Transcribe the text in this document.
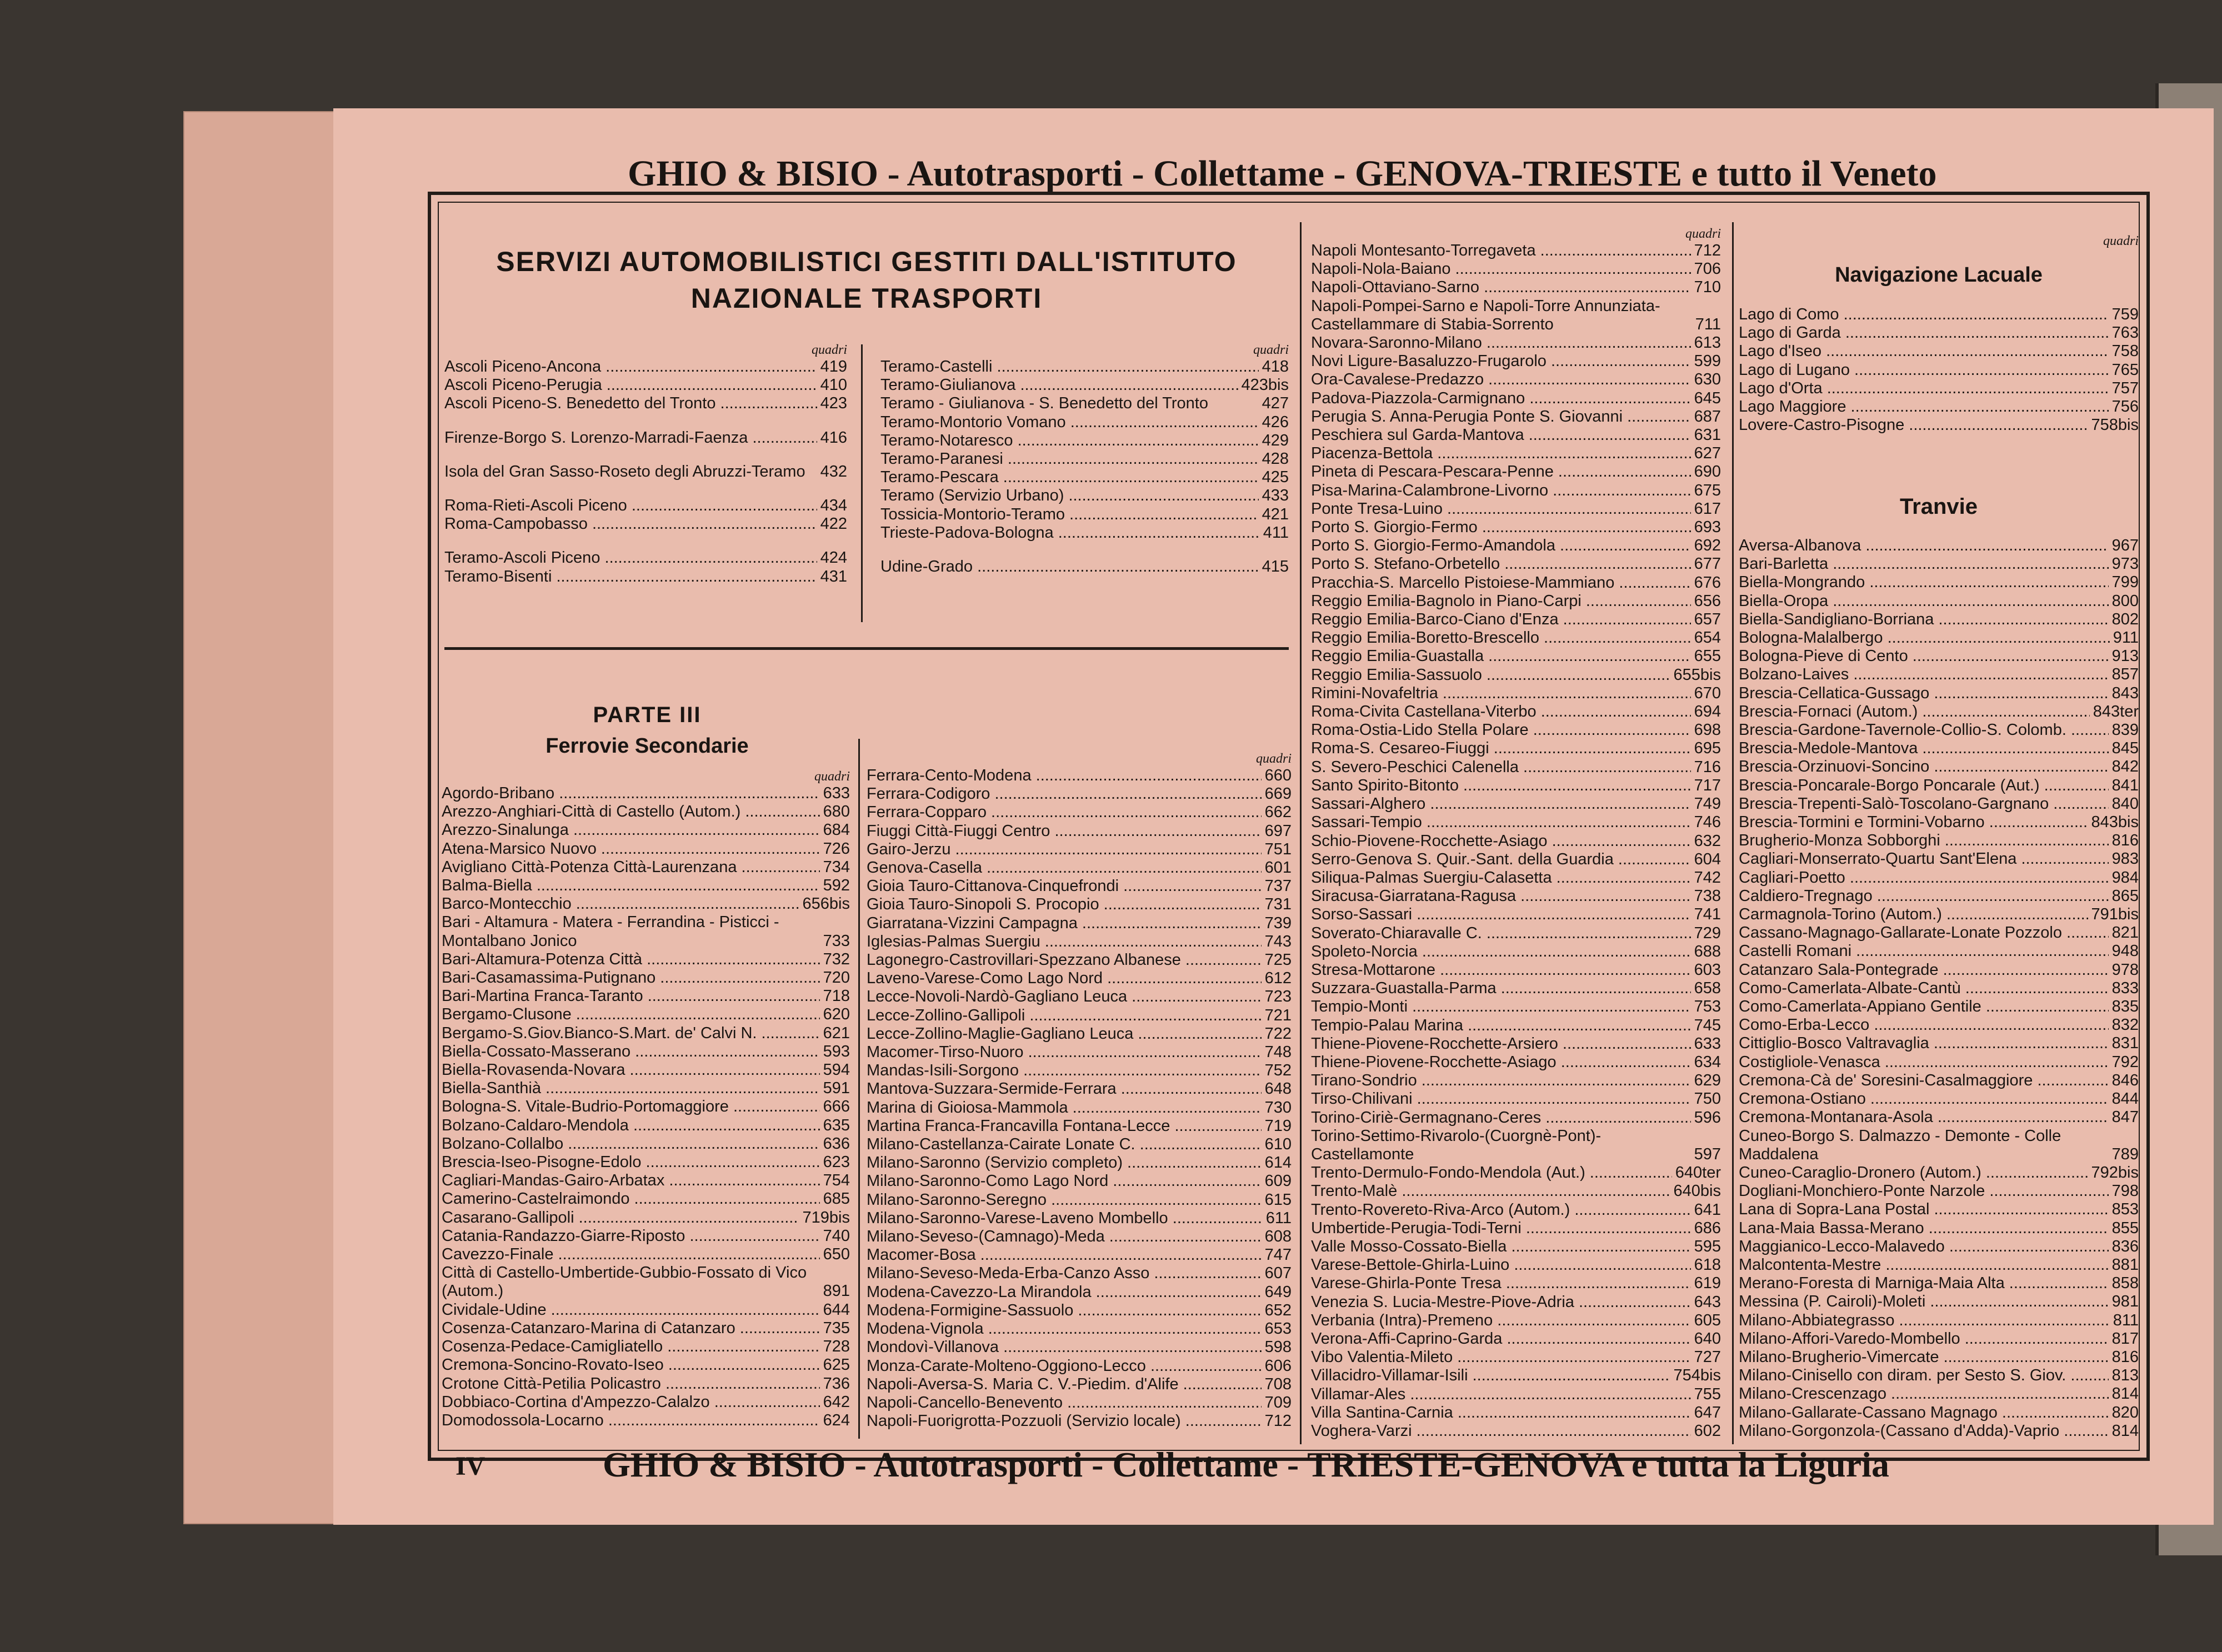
GHIO & BISIO - Autotrasporti - Collettame - GENOVA-TRIESTE e tutto il Veneto
SERVIZI AUTOMOBILISTICI GESTITI DALL'ISTITUTO
NAZIONALE TRASPORTI
quadri
Ascoli Piceno-Ancona .....	419
Ascoli Piceno-Perugia .....	410
Ascoli Piceno-S. Benedetto del Tronto .....	423
Firenze-Borgo S. Lorenzo-Marradi-Faenza .....	416
Isola del Gran Sasso-Roseto degli Abruzzi-Teramo 432
Roma-Rieti-Ascoli Piceno .....	434
Roma-Campobasso .....	422
Teramo-Ascoli Piceno .....	424
Teramo-Bisenti .....	431
quadri
Teramo-Castelli .....	418
Teramo-Giulianova .....	423bis
Teramo - Giulianova - S. Benedetto del Tronto	427
Teramo-Montorio Vomano .....	426
Teramo-Notaresco .....	429
Teramo-Paranesi .....	428
Teramo-Pescara .....	425
Teramo (Servizio Urbano) .....	433
Tossicia-Montorio-Teramo .....	421
Trieste-Padova-Bologna .....	411
Udine-Grado .....	415
PARTE III
Ferrovie Secondarie
quadri
Agordo-Bribano .....	633
Arezzo-Anghiari-Città di Castello (Autom.) .....	680
Arezzo-Sinalunga .....	684
Atena-Marsico Nuovo .....	726
Avigliano Città-Potenza Città-Laurenzana .....	734
Balma-Biella .....	592
Barco-Montecchio .....	656bis
Bari - Altamura - Matera - Ferrandina - Pisticci - Montalbano Jonico	733
Bari-Altamura-Potenza Città .....	732
Bari-Casamassima-Putignano .....	720
Bari-Martina Franca-Taranto .....	718
Bergamo-Clusone .....	620
Bergamo-S.Giov.Bianco-S.Mart. de' Calvi N. .....	621
Biella-Cossato-Masserano .....	593
Biella-Rovasenda-Novara .....	594
Biella-Santhià .....	591
Bologna-S. Vitale-Budrio-Portomaggiore .....	666
Bolzano-Caldaro-Mendola .....	635
Bolzano-Collalbo .....	636
Brescia-Iseo-Pisogne-Edolo .....	623
Cagliari-Mandas-Gairo-Arbatax .....	754
Camerino-Castelraimondo .....	685
Casarano-Gallipoli .....	719bis
Catania-Randazzo-Giarre-Riposto .....	740
Cavezzo-Finale .....	650
Città di Castello-Umbertide-Gubbio-Fossato di Vico (Autom.)	891
Cividale-Udine .....	644
Cosenza-Catanzaro-Marina di Catanzaro .....	735
Cosenza-Pedace-Camigliatello .....	728
Cremona-Soncino-Rovato-Iseo .....	625
Crotone Città-Petilia Policastro .....	736
Dobbiaco-Cortina d'Ampezzo-Calalzo .....	642
Domodossola-Locarno .....	624
quadri
Ferrara-Cento-Modena .....	660
Ferrara-Codigoro .....	669
Ferrara-Copparo .....	662
Fiuggi Città-Fiuggi Centro .....	697
Gairo-Jerzu .....	751
Genova-Casella .....	601
Gioia Tauro-Cittanova-Cinquefrondi .....	737
Gioia Tauro-Sinopoli S. Procopio .....	731
Giarratana-Vizzini Campagna .....	739
Iglesias-Palmas Suergiu .....	743
Lagonegro-Castrovillari-Spezzano Albanese .....	725
Laveno-Varese-Como Lago Nord .....	612
Lecce-Novoli-Nardò-Gagliano Leuca .....	723
Lecce-Zollino-Gallipoli .....	721
Lecce-Zollino-Maglie-Gagliano Leuca .....	722
Macomer-Tirso-Nuoro .....	748
Mandas-Isili-Sorgono .....	752
Mantova-Suzzara-Sermide-Ferrara .....	648
Marina di Gioiosa-Mammola .....	730
Martina Franca-Francavilla Fontana-Lecce .....	719
Milano-Castellanza-Cairate Lonate C. .....	610
Milano-Saronno (Servizio completo) .....	614
Milano-Saronno-Como Lago Nord .....	609
Milano-Saronno-Seregno .....	615
Milano-Saronno-Varese-Laveno Mombello .....	611
Milano-Seveso-(Camnago)-Meda .....	608
Macomer-Bosa .....	747
Milano-Seveso-Meda-Erba-Canzo Asso .....	607
Modena-Cavezzo-La Mirandola .....	649
Modena-Formigine-Sassuolo .....	652
Modena-Vignola .....	653
Mondovì-Villanova .....	598
Monza-Carate-Molteno-Oggiono-Lecco .....	606
Napoli-Aversa-S. Maria C. V.-Piedim. d'Alife .....	708
Napoli-Cancello-Benevento .....	709
Napoli-Fuorigrotta-Pozzuoli (Servizio locale) .....	712
quadri
Napoli Montesanto-Torregaveta .....	712
Napoli-Nola-Baiano .....	706
Napoli-Ottaviano-Sarno .....	710
Napoli-Pompei-Sarno e Napoli-Torre Annunziata-Castellammare di Stabia-Sorrento	711
Novara-Saronno-Milano .....	613
Novi Ligure-Basaluzzo-Frugarolo .....	599
Ora-Cavalese-Predazzo .....	630
Padova-Piazzola-Carmignano .....	645
Perugia S. Anna-Perugia Ponte S. Giovanni .....	687
Peschiera sul Garda-Mantova .....	631
Piacenza-Bettola .....	627
Pineta di Pescara-Pescara-Penne .....	690
Pisa-Marina-Calambrone-Livorno .....	675
Ponte Tresa-Luino .....	617
Porto S. Giorgio-Fermo .....	693
Porto S. Giorgio-Fermo-Amandola .....	692
Porto S. Stefano-Orbetello .....	677
Pracchia-S. Marcello Pistoiese-Mammiano .....	676
Reggio Emilia-Bagnolo in Piano-Carpi .....	656
Reggio Emilia-Barco-Ciano d'Enza .....	657
Reggio Emilia-Boretto-Brescello .....	654
Reggio Emilia-Guastalla .....	655
Reggio Emilia-Sassuolo .....	655bis
Rimini-Novafeltria .....	670
Roma-Civita Castellana-Viterbo .....	694
Roma-Ostia-Lido Stella Polare .....	698
Roma-S. Cesareo-Fiuggi .....	695
S. Severo-Peschici Calenella .....	716
Santo Spirito-Bitonto .....	717
Sassari-Alghero .....	749
Sassari-Tempio .....	746
Schio-Piovene-Rocchette-Asiago .....	632
Serro-Genova S. Quir.-Sant. della Guardia .....	604
Siliqua-Palmas Suergiu-Calasetta .....	742
Siracusa-Giarratana-Ragusa .....	738
Sorso-Sassari .....	741
Soverato-Chiaravalle C. .....	729
Spoleto-Norcia .....	688
Stresa-Mottarone .....	603
Suzzara-Guastalla-Parma .....	658
Tempio-Monti .....	753
Tempio-Palau Marina .....	745
Thiene-Piovene-Rocchette-Arsiero .....	633
Thiene-Piovene-Rocchette-Asiago .....	634
Tirano-Sondrio .....	629
Tirso-Chilivani .....	750
Torino-Ciriè-Germagnano-Ceres .....	596
Torino-Settimo-Rivarolo-(Cuorgnè-Pont)-Castellamonte	597
Trento-Dermulo-Fondo-Mendola (Aut.) .....	640ter
Trento-Malè .....	640bis
Trento-Rovereto-Riva-Arco (Autom.) .....	641
Umbertide-Perugia-Todi-Terni .....	686
Valle Mosso-Cossato-Biella .....	595
Varese-Bettole-Ghirla-Luino .....	618
Varese-Ghirla-Ponte Tresa .....	619
Venezia S. Lucia-Mestre-Piove-Adria .....	643
Verbania (Intra)-Premeno .....	605
Verona-Affi-Caprino-Garda .....	640
Vibo Valentia-Mileto .....	727
Villacidro-Villamar-Isili .....	754bis
Villamar-Ales .....	755
Villa Santina-Carnia .....	647
Voghera-Varzi .....	602
quadri
Navigazione Lacuale
Lago di Como .....	759
Lago di Garda .....	763
Lago d'Iseo .....	758
Lago di Lugano .....	765
Lago d'Orta .....	757
Lago Maggiore .....	756
Lovere-Castro-Pisogne .....	758bis
Tranvie
Aversa-Albanova .....	967
Bari-Barletta .....	973
Biella-Mongrando .....	799
Biella-Oropa .....	800
Biella-Sandigliano-Borriana .....	802
Bologna-Malalbergo .....	911
Bologna-Pieve di Cento .....	913
Bolzano-Laives .....	857
Brescia-Cellatica-Gussago .....	843
Brescia-Fornaci (Autom.) .....	843ter
Brescia-Gardone-Tavernole-Collio-S. Colomb. .....	839
Brescia-Medole-Mantova .....	845
Brescia-Orzinuovi-Soncino .....	842
Brescia-Poncarale-Borgo Poncarale (Aut.) .....	841
Brescia-Trepenti-Salò-Toscolano-Gargnano .....	840
Brescia-Tormini e Tormini-Vobarno .....	843bis
Brugherio-Monza Sobborghi .....	816
Cagliari-Monserrato-Quartu Sant'Elena .....	983
Cagliari-Poetto .....	984
Caldiero-Tregnago .....	865
Carmagnola-Torino (Autom.) .....	791bis
Cassano-Magnago-Gallarate-Lonate Pozzolo .....	821
Castelli Romani .....	948
Catanzaro Sala-Pontegrade .....	978
Como-Camerlata-Albate-Cantù .....	833
Como-Camerlata-Appiano Gentile .....	835
Como-Erba-Lecco .....	832
Cittiglio-Bosco Valtravaglia .....	831
Costigliole-Venasca .....	792
Cremona-Cà de' Soresini-Casalmaggiore .....	846
Cremona-Ostiano .....	844
Cremona-Montanara-Asola .....	847
Cuneo-Borgo S. Dalmazzo - Demonte - Colle Maddalena	789
Cuneo-Caraglio-Dronero (Autom.) .....	792bis
Dogliani-Monchiero-Ponte Narzole .....	798
Lana di Sopra-Lana Postal .....	853
Lana-Maia Bassa-Merano .....	855
Maggianico-Lecco-Malavedo .....	836
Malcontenta-Mestre .....	881
Merano-Foresta di Marniga-Maia Alta .....	858
Messina (P. Cairoli)-Moleti .....	981
Milano-Abbiategrasso .....	811
Milano-Affori-Varedo-Mombello .....	817
Milano-Brugherio-Vimercate .....	816
Milano-Cinisello con diram. per Sesto S. Giov. .....	813
Milano-Crescenzago .....	814
Milano-Gallarate-Cassano Magnago .....	820
Milano-Gorgonzola-(Cassano d'Adda)-Vaprio .....	814
IV	GHIO & BISIO - Autotrasporti - Collettame - TRIESTE-GENOVA e tutta la Liguria
